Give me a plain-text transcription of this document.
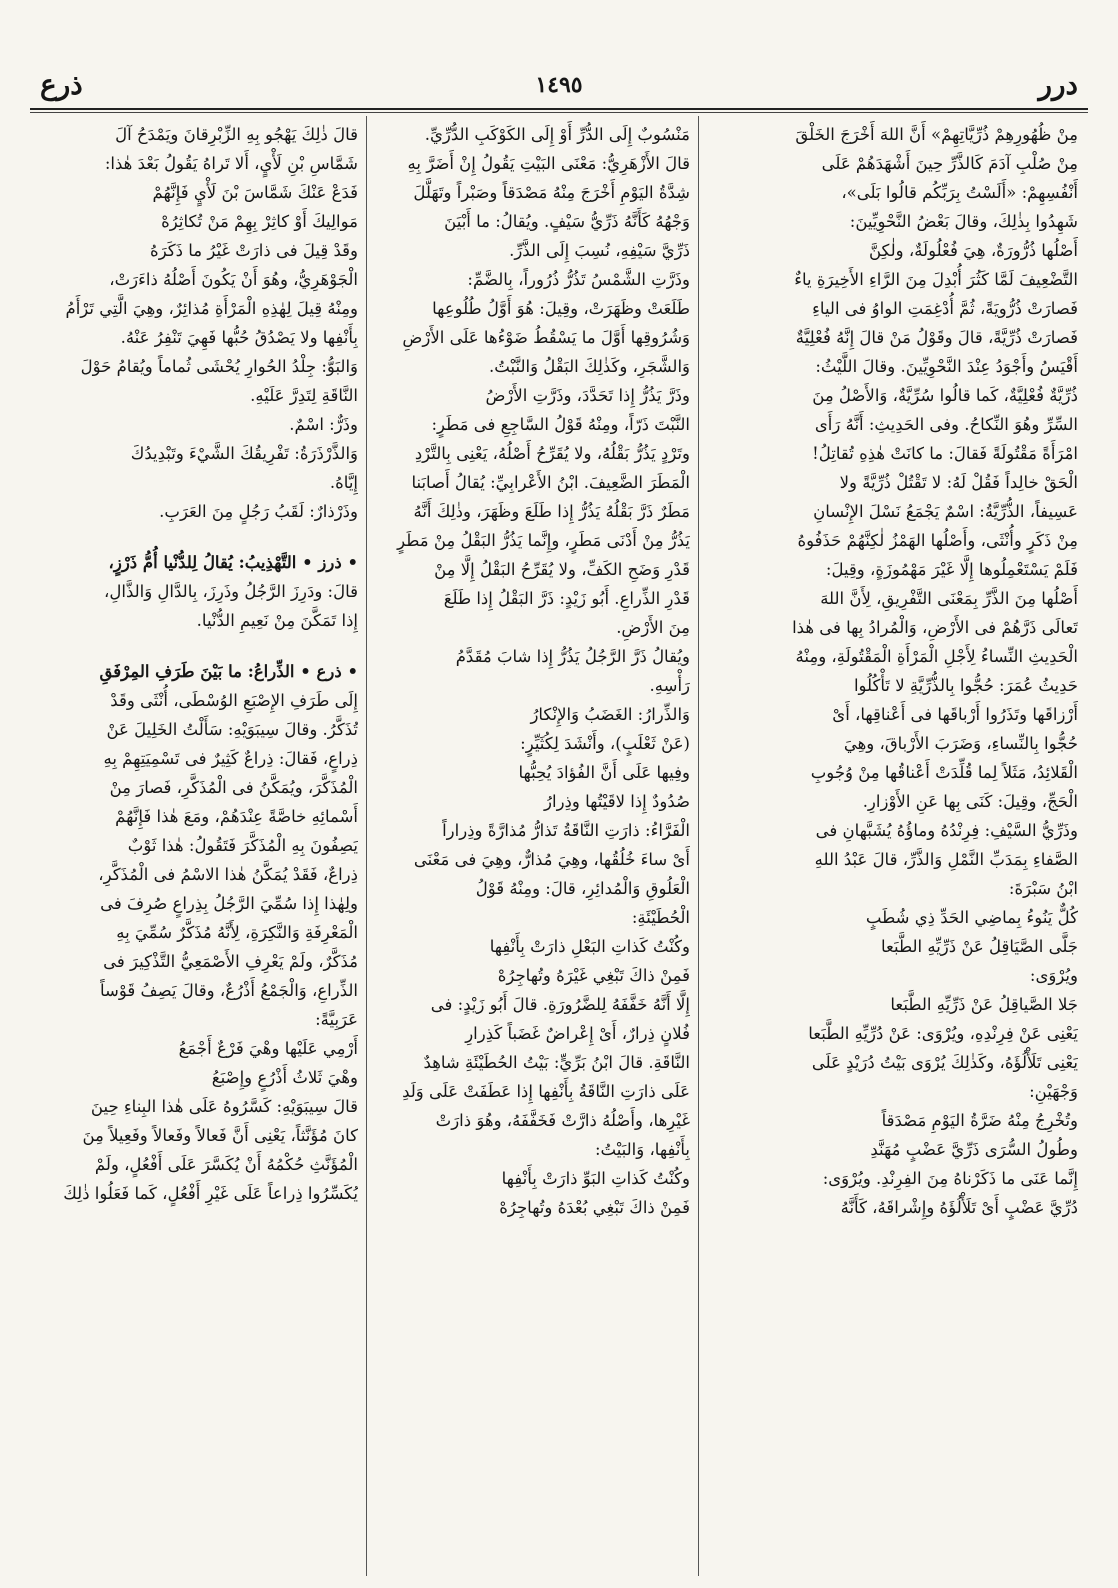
ذرع	١٤٩٥	درر

مِنْ ظُهُورِهِمْ ذُرِّيَّاتِهِمْ» أَنَّ اللهَ أَخْرَجَ الخَلْقَ

مِنْ صُلْبِ آدَمَ كَالذَّرِّ حِينَ أَشْهَدَهُمْ عَلَى

أَنْفُسِهِمْ: «أَلَسْتُ بِرَبِّكُم قالُوا بَلَى»،

شَهِدُوا بِذٰلِكَ، وقالَ بَعْضُ النَّحْوِيِّينَ:

أَصْلُها ذُرُّورَةٌ، هِيَ فُعْلُولَةٌ، ولٰكِنَّ

التَّضْعِيفَ لَمَّا كَثُرَ أُبْدِلَ مِنَ الرَّاءِ الأَخِيرَةِ ياءٌ

فَصارَتْ ذُرُّويَةً، ثُمَّ أُدْغِمَتِ الواوُ فى الياءِ

فَصارَتْ ذُرِّيَّةً، قالَ وقَوْلُ مَنْ قالَ إِنَّهُ فُعْلِيَّةٌ

أَقْيَسُ وأَجْوَدُ عِنْدَ النَّحْوِيِّينَ. وقالَ اللَّيْثُ:

ذُرِّيَّةٌ فُعْلِيَّةٌ، كَما قالُوا سُرِّيَّةٌ، وَالأَصْلُ مِنَ

السِّرِّ وهُوَ النِّكاحُ. وفى الحَدِيثِ: أَنَّهُ رَأَى

امْرَأَةً مَقْتُولَةً فَقالَ: ما كانَتْ هٰذِهِ تُقاتِلُ!

الْحَقْ خالِداً فَقُلْ لَهُ: لا تَقْتُلْ ذُرِّيَّةً ولا

عَسِيفاً، الذُّرِّيَّةُ: اسْمٌ يَجْمَعُ نَسْلَ الإِنْسانِ

مِنْ ذَكَرٍ وأُنْثَى، وأَصْلُها الهَمْزُ لٰكِنَّهُمْ حَذَفُوهُ

فَلَمْ يَسْتَعْمِلُوها إِلَّا غَيْرَ مَهْمُوزَةٍ، وقِيلَ:

أَصْلُها مِنَ الذَّرِّ بِمَعْنَى التَّفْرِيقِ، لِأَنَّ اللهَ

تَعالَى ذَرَّهُمْ فى الأَرْضِ، وَالْمُرادُ بِها فى هٰذا

الْحَدِيثِ النِّساءُ لِأَجْلِ الْمَرْأَةِ الْمَقْتُولَةِ، ومِنْهُ

حَدِيثُ عُمَرَ: حُجُّوا بِالذُّرِّيَّةِ لا تَأْكُلُوا

أَرْزاقَها وتَذَرُوا أَرْباقَها فى أَعْناقِها، أَىْ

حُجُّوا بِالنِّساءِ، وَضَرَبَ الأَرْباقَ، وهِيَ

الْقَلائِدُ، مَثَلاً لِما قُلِّدَتْ أَعْناقُها مِنْ وُجُوبِ

الْحَجِّ، وقِيلَ: كَنَى بِها عَنِ الأَوْزارِ.

وذَرِّيُّ السَّيْفِ: فِرِنْدُهُ وماؤُهُ يُشَبَّهانِ فى

الصَّفاءِ بِمَدَبِّ النَّمْلِ وَالذَّرِّ، قالَ عَبْدُ اللهِ

ابْنُ سَبْرَةَ:

كُلٌّ يَنُوءُ بِماضِي الحَدِّ ذِي شُطَبٍ

جَلَّى الصَّيَاقِلُ عَنْ ذَرِّيِّهِ الطَّبَعا

ويُرْوَى:

جَلا الصَّياقِلُ عَنْ ذَرِّيِّهِ الطَّبَعا

يَعْنِى عَنْ فِرِنْدِهِ، ويُرْوَى: عَنْ دُرِّيِّهِ الطَّبَعا

يَعْنِى تَلَأْلُؤَهُ، وكَذٰلِكَ يُرْوَى بَيْتُ دُرَيْدٍ عَلَى

وَجْهَيْنِ:

وتُخْرِجُ مِنْهُ ضَرَّةُ اليَوْمِ مَصْدَقاً

وطُولُ السُّرَى ذَرِّيَّ عَضْبٍ مُهَنَّدِ

إِنَّما عَنَى ما ذَكَرْناهُ مِنَ الفِرِنْدِ. ويُرْوَى:

دُرِّيَّ عَضْبٍ أَىْ تَلَأْلُؤَهُ وإِشْراقَهُ، كَأَنَّهُ

مَنْسُوبٌ إِلَى الدُّرِّ أَوْ إِلَى الكَوْكَبِ الدُّرِّيِّ.

قالَ الأَزْهَرِيُّ: مَعْنَى البَيْتِ يَقُولُ إِنْ أَضَرَّ بِهِ

شِدَّةُ اليَوْمِ أَخْرَجَ مِنْهُ مَصْدَقاً وصَبْراً وتَهَلَّلَ

وَجْهُهُ كَأَنَّهُ ذَرِّيُّ سَيْفٍ. ويُقالُ: ما أَبْيَنَ

ذَرِّيَّ سَيْفِهِ، نُسِبَ إِلَى الذَّرِّ.

وذَرَّتِ الشَّمْسُ تَذُرُّ ذُرُوراً، بِالضَّمِّ:

طَلَعَتْ وظَهَرَتْ، وقِيلَ: هُوَ أَوَّلُ طُلُوعِها

وَشُرُوقِها أَوَّلَ ما يَسْقُطُ ضَوْءُها عَلَى الأَرْضِ

وَالشَّجَرِ، وكَذٰلِكَ البَقْلُ وَالنَّبْتُ.

وذَرَّ يَذُرُّ إِذا تَحَدَّدَ، وذَرَّتِ الأَرْضُ

النَّبْتَ ذَرّاً، ومِنْهُ قَوْلُ السَّاجِعِ فى مَطَرٍ:

وتَرْدٍ يَذُرُّ بَقْلُهُ، ولا يُقَرِّحُ أَصْلُهُ، يَعْنِى بِالتَّرْدِ

الْمَطَرَ الضَّعِيفَ. ابْنُ الأَعْرابِيِّ: يُقالُ أَصابَنا

مَطَرٌ ذَرَّ بَقْلُهُ يَذُرُّ إِذا طَلَعَ وظَهَرَ، وذٰلِكَ أَنَّهُ

يَذُرُّ مِنْ أَدْنَى مَطَرٍ، وإِنَّما يَذُرُّ البَقْلُ مِنْ مَطَرٍ

قَدْرِ وَضَحِ الكَفِّ، ولا يُقَرِّحُ البَقْلُ إِلَّا مِنْ

قَدْرِ الذِّراعِ. أَبُو زَيْدٍ: ذَرَّ البَقْلُ إِذا طَلَعَ

مِنَ الأَرْضِ.

ويُقالُ ذَرَّ الرَّجُلُ يَذُرُّ إِذا شابَ مُقَدَّمُ

رَأْسِهِ.

وَالذِّرارُ: الغَضَبُ وَالإِنْكارُ

(عَنْ ثَعْلَبٍ)، وأَنْشَدَ لِكُثَيِّرٍ:

وفِيها عَلَى أَنَّ الفُؤادَ يُحِبُّها

صُدُودٌ إِذا لاقَيْتُها وذِرارُ

الْفَرَّاءُ: ذارَتِ النَّاقَةُ تَذارُّ مُذارَّةً وذِراراً

أَىْ ساءَ خُلُقُها، وهِيَ مُذارٌّ، وهِيَ فى مَعْنَى

الْعَلُوقِ وَالْمُدائِرِ، قالَ: ومِنْهُ قَوْلُ

الْحُطَيْئَةِ:

وكُنْتُ كَذاتِ البَعْلِ ذارَتْ بِأَنْفِها

فَمِنْ ذاكَ تَبْغِي غَيْرَهُ وتُهاجِرُهْ

إِلَّا أَنَّهُ خَفَّفَهُ لِلضَّرُورَةِ. قالَ أَبُو زَيْدٍ: فى

فُلانٍ ذِرارٌ، أَىْ إِعْراضٌ غَضَباً كَذِرارِ

النَّاقَةِ. قالَ ابْنُ بَرِّيٍّ: بَيْتُ الحُطَيْئَةِ شاهِدٌ

عَلَى ذارَتِ النَّاقَةُ بِأَنْفِها إِذا عَطَفَتْ عَلَى وَلَدِ

غَيْرِها، وأَصْلُهُ ذارَّتْ فَخَفَّفَهُ، وهُوَ ذارَتْ

بِأَنْفِها، وَالبَيْتُ:

وكُنْتُ كَذاتِ البَوِّ ذارَتْ بِأَنْفِها

فَمِنْ ذاكَ تَبْغِي بُعْدَهُ وتُهاجِرُهْ

قالَ ذٰلِكَ يَهْجُو بِهِ الزِّبْرِقانَ ويَمْدَحُ آلَ

شَمَّاسِ بْنِ لَأْيٍ، أَلا تَراهُ يَقُولُ بَعْدَ هٰذا:

فَدَعْ عَنْكَ شَمَّاسَ بْنَ لَأْيٍ فَإِنَّهُمْ

مَوالِيكَ أَوْ كاثِرْ بِهِمْ مَنْ تُكاثِرُهْ

وقَدْ قِيلَ فى ذارَتْ غَيْرُ ما ذَكَرَهُ

الْجَوْهَرِيُّ، وهُوَ أَنْ يَكُونَ أَصْلُهُ ذاءَرَتْ،

ومِنْهُ قِيلَ لِهٰذِهِ الْمَرْأَةِ مُذائِرٌ، وهِيَ الَّتِي تَرْأَمُ

بِأَنْفِها ولا يَصْدُقُ حُبُّها فَهِيَ تَنْفِرُ عَنْهُ.

وَالبَوُّ: جِلْدُ الحُوارِ يُحْشَى ثُماماً ويُقامُ حَوْلَ

النَّاقَةِ لِتَدِرَّ عَلَيْهِ.

وذَرٌّ: اسْمٌ.

وَالذَّرْذَرَةُ: تَفْرِيقُكَ الشَّيْءَ وتَبْدِيدُكَ

إِيَّاهُ.

وذَرْذارٌ: لَقَبُ رَجُلٍ مِنَ العَرَبِ.

• ذرز • التَّهْذِيبُ: يُقالُ لِلدُّنْيا أُمُّ ذَرْزٍ،

قالَ: ودَرِزَ الرَّجُلُ وذَرِزَ، بِالدَّالِ وَالذَّالِ،

إِذا تَمَكَّنَ مِنْ نَعِيمِ الدُّنْيا.

• ذرع • الذِّراعُ: ما بَيْنَ طَرَفِ المِرْفَقِ

إِلَى طَرَفِ الإِصْبَعِ الوُسْطَى، أُنْثَى وقَدْ

تُذَكَّرُ. وقالَ سِيبَوَيْهِ: سَأَلْتُ الخَلِيلَ عَنْ

ذِراعٍ، فَقالَ: ذِراعٌ كَثِيرٌ فى تَسْمِيَتِهِمْ بِهِ

الْمُذَكَّرَ، ويُمَكَّنُ فى الْمُذَكَّرِ، فَصارَ مِنْ

أَسْمائِهِ خاصَّةً عِنْدَهُمْ، ومَعَ هٰذا فَإِنَّهُمْ

يَصِفُونَ بِهِ الْمُذَكَّرَ فَتَقُولُ: هٰذا ثَوْبٌ

ذِراعٌ، فَقَدْ يُمَكَّنُ هٰذا الاسْمُ فى الْمُذَكَّرِ،

ولِهٰذا إِذا سُمِّيَ الرَّجُلُ بِذِراعٍ صُرِفَ فى

الْمَعْرِفَةِ وَالنَّكِرَةِ، لِأَنَّهُ مُذَكَّرٌ سُمِّيَ بِهِ

مُذَكَّرٌ، ولَمْ يَعْرِفِ الأَصْمَعِيُّ التَّذْكِيرَ فى

الذِّراعِ، وَالْجَمْعُ أَذْرُعٌ، وقالَ يَصِفُ قَوْساً

عَرَبِيَّةً:

أَرْمِي عَلَيْها وهْيَ فَرْعٌ أَجْمَعُ

وهْيَ ثَلاثُ أَذْرُعٍ وإِصْبَعُ

قالَ سِيبَوَيْهِ: كَسَّرُوهُ عَلَى هٰذا البِناءِ حِينَ

كانَ مُؤَنَّثاً، يَعْنِى أَنَّ فَعالاً وفَعالاً وفَعِيلاً مِنَ

الْمُؤَنَّثِ حُكْمُهُ أَنْ يُكَسَّرَ عَلَى أَفْعُلٍ، ولَمْ

يُكَسِّرُوا ذِراعاً عَلَى غَيْرِ أَفْعُلٍ، كَما فَعَلُوا ذٰلِكَ
